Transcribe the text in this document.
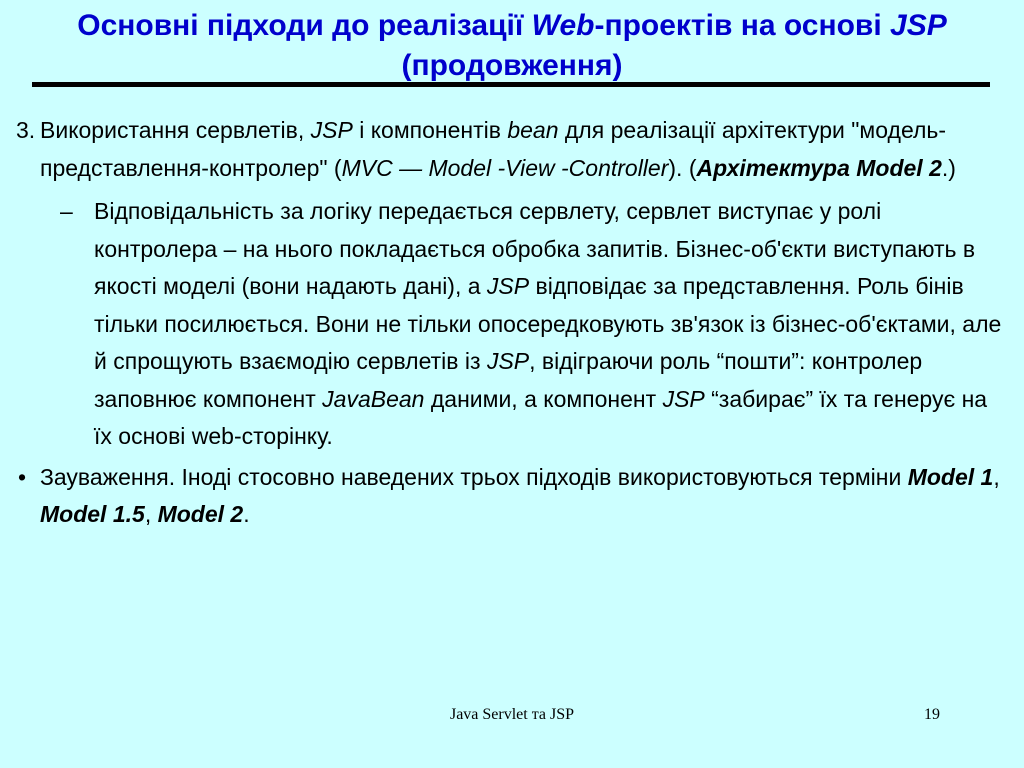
Основні підходи до реалізації Web-проектів на основі JSP (продовження)
3. Використання сервлетів, JSP і компонентів bean для реалізації архітектури "модель- представлення-контролер" (MVC — Model -View -Controller). (Архітектура Model 2.)
– Відповідальність за логіку передається сервлету, сервлет виступає у ролі контролера – на нього покладається обробка запитів. Бізнес-об'єкти виступають в якості моделі (вони надають дані), а JSP відповідає за представлення. Роль бінів тільки посилюється. Вони не тільки опосередковують зв'язок із бізнес-об'єктами, але й спрощують взаємодію сервлетів із JSP, відіграючи роль “пошти”: контролер заповнює компонент JavaBean даними, а компонент JSP “забирає” їх та генерує на їх основі web-сторінку.
• Зауваження. Іноді стосовно наведених трьох підходів використовуються терміни Model 1, Model 1.5, Model 2.
Java Servlet та JSP	19
